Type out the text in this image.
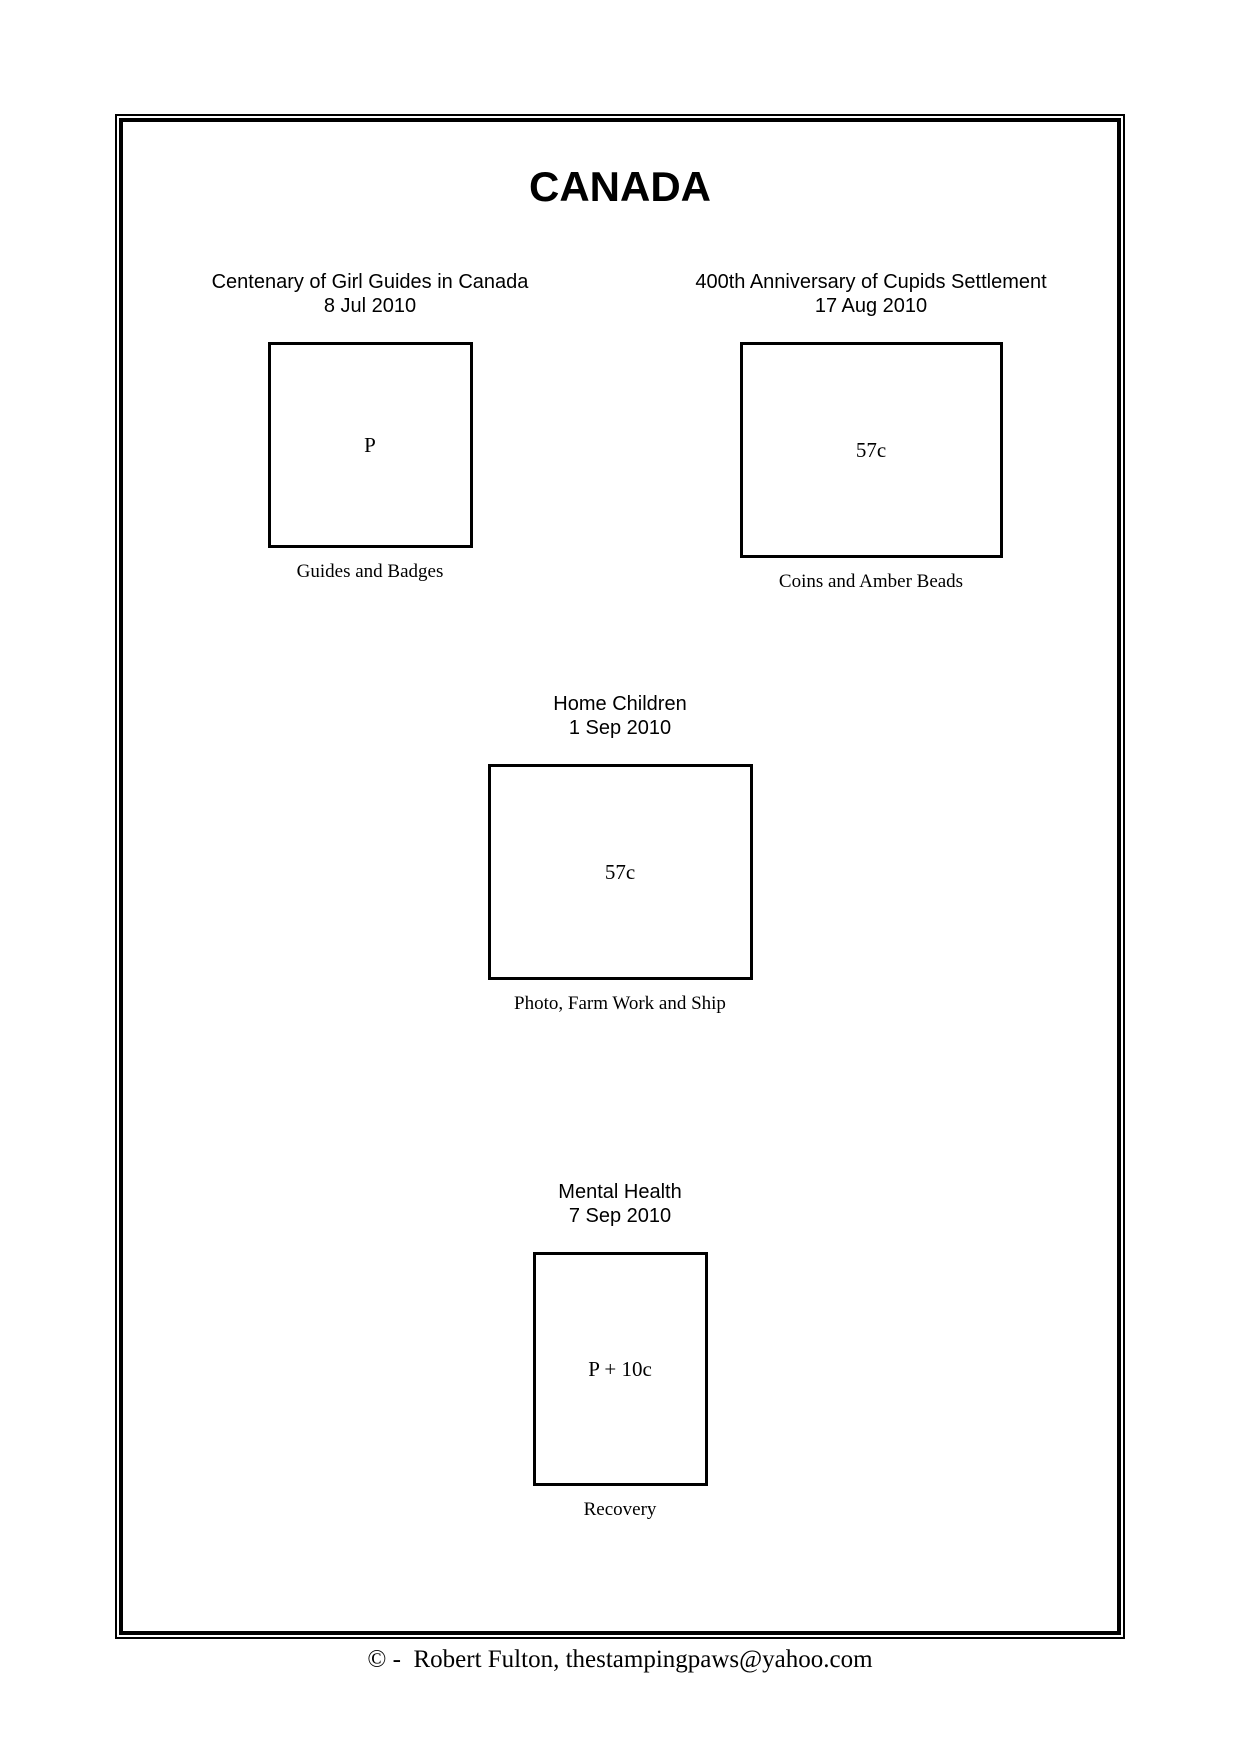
CANADA
Centenary of Girl Guides in Canada
8 Jul 2010
P
Guides and Badges
400th Anniversary of Cupids Settlement
17 Aug 2010
57c
Coins and Amber Beads
Home Children
1 Sep 2010
57c
Photo, Farm Work and Ship
Mental Health
7 Sep 2010
P + 10c
Recovery
© -  Robert Fulton, thestampingpaws@yahoo.com
